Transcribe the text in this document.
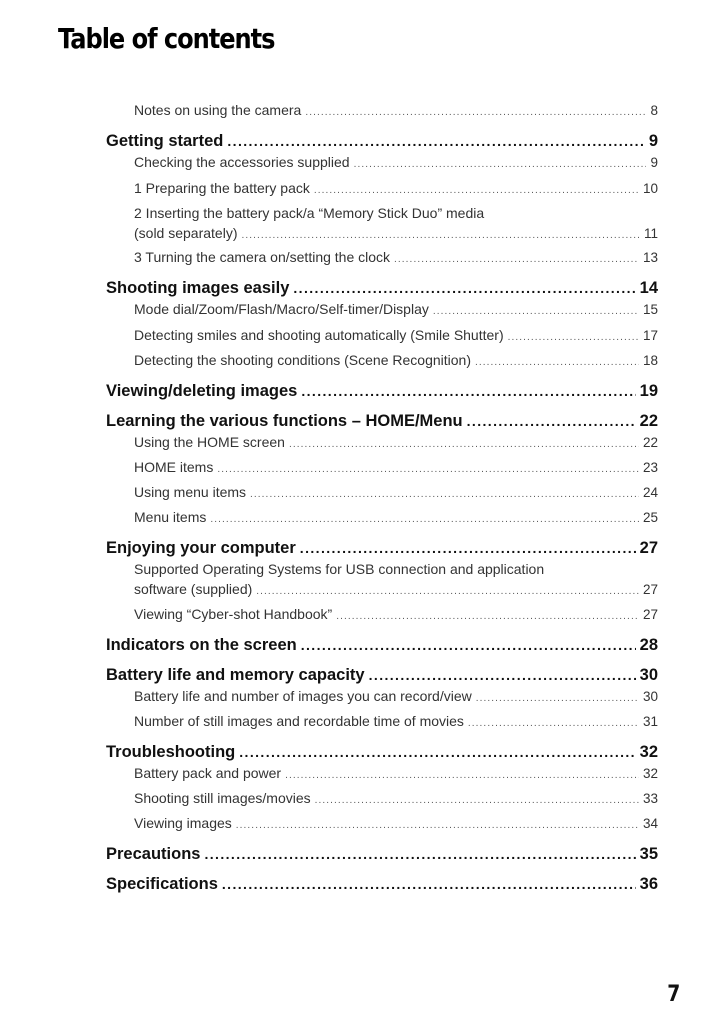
Table of contents
Notes on using the camera .....	8
Getting started .....	9
Checking the accessories supplied .....	9
1 Preparing the battery pack .....	10
2 Inserting the battery pack/a “Memory Stick Duo” media
(sold separately) .....	11
3 Turning the camera on/setting the clock .....	13
Shooting images easily .....	14
Mode dial/Zoom/Flash/Macro/Self-timer/Display .....	15
Detecting smiles and shooting automatically (Smile Shutter) .....	17
Detecting the shooting conditions (Scene Recognition) .....	18
Viewing/deleting images .....	19
Learning the various functions – HOME/Menu .....	22
Using the HOME screen .....	22
HOME items .....	23
Using menu items .....	24
Menu items .....	25
Enjoying your computer .....	27
Supported Operating Systems for USB connection and application
software (supplied) .....	27
Viewing “Cyber-shot Handbook” .....	27
Indicators on the screen .....	28
Battery life and memory capacity .....	30
Battery life and number of images you can record/view .....	30
Number of still images and recordable time of movies .....	31
Troubleshooting .....	32
Battery pack and power .....	32
Shooting still images/movies .....	33
Viewing images .....	34
Precautions .....	35
Specifications .....	36
7
